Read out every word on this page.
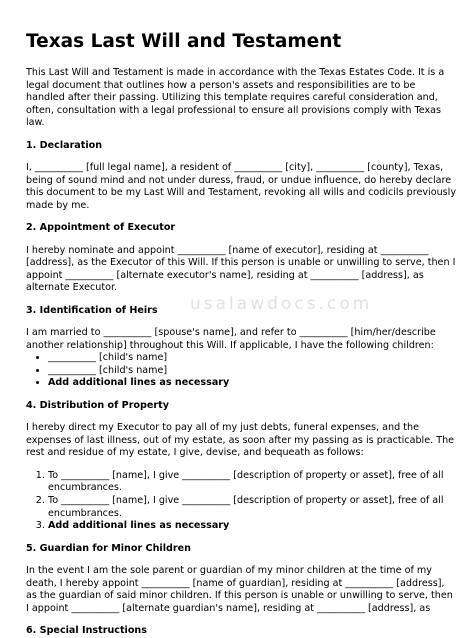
Texas Last Will and Testament

This Last Will and Testament is made in accordance with the Texas Estates Code. It is a legal document that outlines how a person's assets and responsibilities are to be handled after their passing. Utilizing this template requires careful consideration and, often, consultation with a legal professional to ensure all provisions comply with Texas law.

1. Declaration

I, __________ [full legal name], a resident of __________ [city], __________ [county], Texas, being of sound mind and not under duress, fraud, or undue influence, do hereby declare this document to be my Last Will and Testament, revoking all wills and codicils previously made by me.

2. Appointment of Executor

I hereby nominate and appoint __________ [name of executor], residing at __________ [address], as the Executor of this Will. If this person is unable or unwilling to serve, then I appoint __________ [alternate executor's name], residing at __________ [address], as alternate Executor.

3. Identification of Heirs

I am married to __________ [spouse's name], and refer to __________ [him/her/describe another relationship] throughout this Will. If applicable, I have the following children:

• __________ [child's name]
• __________ [child's name]
• Add additional lines as necessary
4. Distribution of Property

I hereby direct my Executor to pay all of my just debts, funeral expenses, and the expenses of last illness, out of my estate, as soon after my passing as is practicable. The rest and residue of my estate, I give, devise, and bequeath as follows:

1. To __________ [name], I give __________ [description of property or asset], free of all encumbrances.
2. To __________ [name], I give __________ [description of property or asset], free of all encumbrances.
3. Add additional lines as necessary
5. Guardian for Minor Children

In the event I am the sole parent or guardian of my minor children at the time of my death, I hereby appoint __________ [name of guardian], residing at __________ [address], as the guardian of said minor children. If this person is unable or unwilling to serve, then I appoint __________ [alternate guardian's name], residing at __________ [address], as

6. Special Instructions
usalawdocs.com
